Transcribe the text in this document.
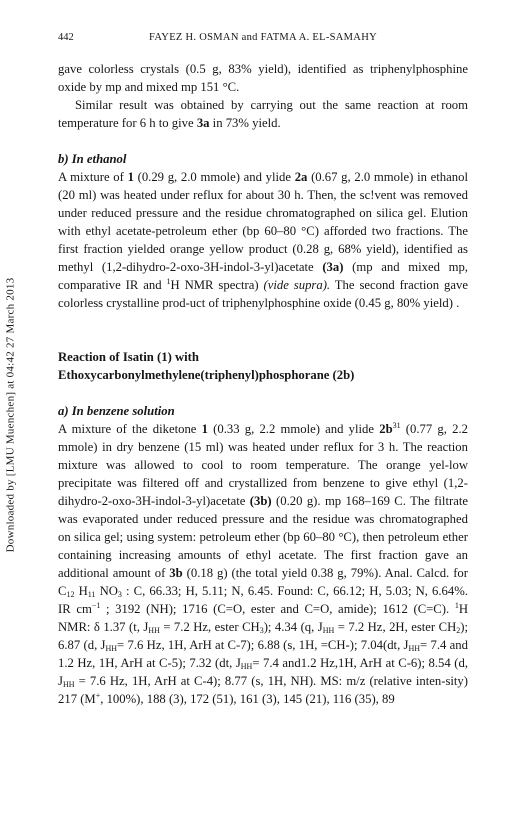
Downloaded by [LMU Muenchen] at 04:42 27 March 2013
442	FAYEZ H. OSMAN and FATMA A. EL-SAMAHY

gave colorless crystals (0.5 g, 83% yield), identified as triphenylphosphine oxide by mp and mixed mp 151 °C.

Similar result was obtained by carrying out the same reaction at room temperature for 6 h to give 3a in 73% yield.

b) In ethanol

A mixture of 1 (0.29 g, 2.0 mmole) and ylide 2a (0.67 g, 2.0 mmole) in ethanol (20 ml) was heated under reflux for about 30 h. Then, the sc!vent was removed under reduced pressure and the residue chromatographed on silica gel. Elution with ethyl acetate-petroleum ether (bp 60–80 °C) afforded two fractions. The first fraction yielded orange yellow product (0.28 g, 68% yield), identified as methyl (1,2-dihydro-2-oxo-3H-indol-3-yl)acetate (3a) (mp and mixed mp, comparative IR and $^1$H NMR spectra) (vide supra). The second fraction gave colorless crystalline prod-uct of triphenylphosphine oxide (0.45 g, 80% yield) .

Reaction of Isatin (1) with
Ethoxycarbonylmethylene(triphenyl)phosphorane (2b)
a) In benzene solution

A mixture of the diketone 1 (0.33 g, 2.2 mmole) and ylide $2b^{31}$ (0.77 g, 2.2 mmole) in dry benzene (15 ml) was heated under reflux for 3 h. The reaction mixture was allowed to cool to room temperature. The orange yel-low precipitate was filtered off and crystallized from benzene to give ethyl (1,2-dihydro-2-oxo-3H-indol-3-yl)acetate (3b) (0.20 g). mp 168–169 C. The filtrate was evaporated under reduced pressure and the residue was chromatographed on silica gel; using system: petroleum ether (bp 60–80 °C), then petroleum ether containing increasing amounts of ethyl acetate. The first fraction gave an additional amount of 3b (0.18 g) (the total yield 0.38 g, 79%). Anal. Calcd. for $C_{12}$ $H_{11}$ $NO_3$ : C, 66.33; H, 5.11; N, 6.45. Found: C, 66.12; H, 5.03; N, 6.64%. IR $cm^{-1}$ ; 3192 (NH); 1716 (C=O, ester and C=O, amide); 1612 (C=C). $^1$H NMR: δ 1.37 (t, $J_{HH} = 7.2$ Hz, ester $CH_3$); 4.34 (q, $J_{HH} = 7.2$ Hz, 2H, ester $CH_2$); 6.87 (d, $J_{HH}= 7.6$ Hz, 1H, ArH at C-7); 6.88 (s, 1H, =CH-); 7.04(dt, $J_{HH}= 7.4$ and 1.2 Hz, 1H, ArH at C-5); 7.32 (dt, $J_{HH}= 7.4$ and1.2 Hz,1H, ArH at C-6); 8.54 (d, $J_{HH} = 7.6$ Hz, 1H, ArH at C-4); 8.77 (s, 1H, NH). MS: m/z (relative inten-sity) 217 (M+, 100%), 188 (3), 172 (51), 161 (3), 145 (21), 116 (35), 89
